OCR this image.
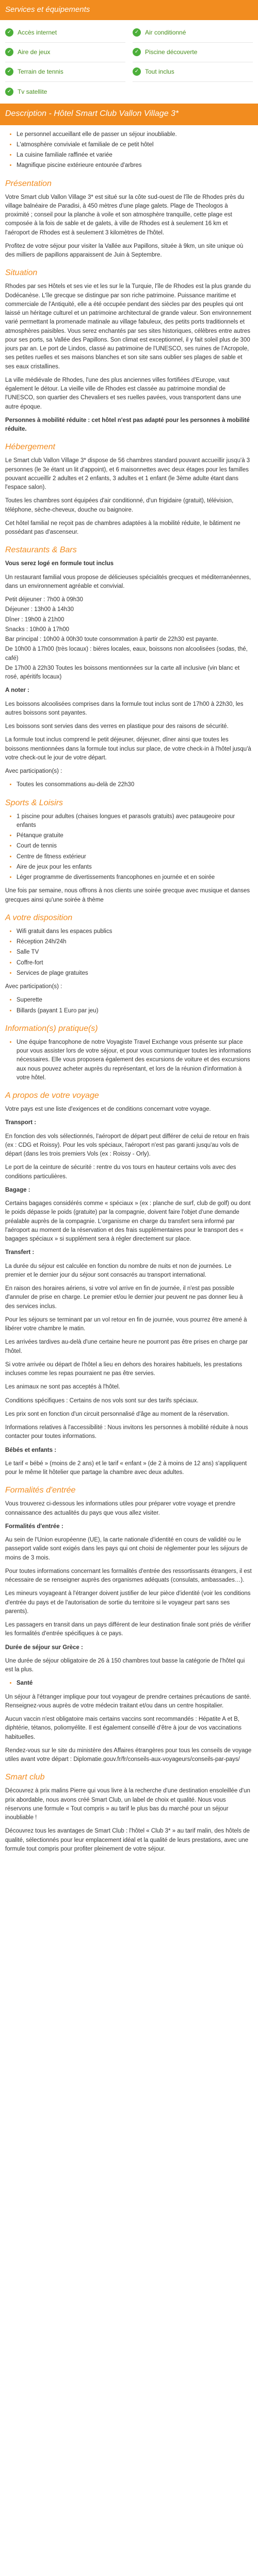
Services et équipements
✓ Accès internet	✓ Air conditionné
✓ Aire de jeux	✓ Piscine découverte
✓ Terrain de tennis	✓ Tout inclus
✓ Tv satellite
Description - Hôtel Smart Club Vallon Village 3*
• Le personnel accueillant elle de passer un séjour inoubliable.
• L'atmosphère conviviale et familiale de ce petit hôtel
• La cuisine familiale raffinée et variée
• Magnifique piscine extérieure entourée d'arbres
Présentation

Votre Smart club Vallon Village 3* est situé sur la côte sud-ouest de l'île de Rhodes près du village balnéaire de Paradisi, à 450 mètres d'une plage galets. Plage de Theologos à proximité ; conseil pour la planche à voile et son atmosphère tranquille, cette plage est composée à la fois de sable et de galets, à ville de Rhodes est à seulement 16 km et l'aéroport de Rhodes est à seulement 3 kilomètres de l'hôtel.

Profitez de votre séjour pour visiter la Vallée aux Papillons, située à 9km, un site unique où des milliers de papillons apparaissent de Juin à Septembre.

Situation

Rhodes par ses Hôtels et ses vie et les sur le la Turquie, l'île de Rhodes est la plus grande du Dodécanèse. L'île grecque se distingue par son riche patrimoine. Puissance maritime et commerciale de l'Antiquité, elle a été occupée pendant des siècles par des peuples qui ont laissé un héritage culturel et un patrimoine architectural de grande valeur. Son environnement varié permettant la promenade matinale au village fabuleux, des petits ports traditionnels et atmosphères paisibles. Vous serez enchantés par ses sites historiques, célèbres entre autres pour ses ports, sa Vallée des Papillons. Son climat est exceptionnel, il y fait soleil plus de 300 jours par an. Le port de Lindos, classé au patrimoine de l'UNESCO, ses ruines de l'Acropole, ses petites ruelles et ses maisons blanches et son site sans oublier ses plages de sable et ses eaux cristallines.

La ville médiévale de Rhodes, l'une des plus anciennes villes fortifiées d'Europe, vaut également le détour. La vieille ville de Rhodes est classée au patrimoine mondial de l'UNESCO, son quartier des Chevaliers et ses ruelles pavées, vous transportent dans une autre époque.

Personnes à mobilité réduite : cet hôtel n'est pas adapté pour les personnes à mobilité réduite.

Hébergement

Le Smart club Vallon Village 3* dispose de 56 chambres standard pouvant accueillir jusqu'à 3 personnes (le 3e étant un lit d'appoint), et 6 maisonnettes avec deux étages pour les familles pouvant accueillir 2 adultes et 2 enfants, 3 adultes et 1 enfant (le 3ème adulte étant dans l'espace salon).

Toutes les chambres sont équipées d'air conditionné, d'un frigidaire (gratuit), télévision, téléphone, sèche-cheveux, douche ou baignoire.

Cet hôtel familial ne reçoit pas de chambres adaptées à la mobilité réduite, le bâtiment ne possédant pas d'ascenseur.

Restaurants & Bars

Vous serez logé en formule tout inclus

Un restaurant familial vous propose de délicieuses spécialités grecques et méditerranéennes, dans un environnement agréable et convivial.

Petit déjeuner : 7h00 à 09h30
Déjeuner : 13h00 à 14h30
Dîner : 19h00 à 21h00
Snacks : 10h00 à 17h00
Bar principal : 10h00 à 00h30 toute consommation à partir de 22h30 est payante.
De 10h00 à 17h00 (très locaux) : bières locales, eaux, boissons non alcoolisées (sodas, thé, café)
De 17h00 à 22h30 Toutes les boissons mentionnées sur la carte all inclusive (vin blanc et rosé, apéritifs locaux)

A noter :

Les boissons alcoolisées comprises dans la formule tout inclus sont de 17h00 à 22h30, les autres boissons sont payantes.

Les boissons sont servies dans des verres en plastique pour des raisons de sécurité.

La formule tout inclus comprend le petit déjeuner, déjeuner, dîner ainsi que toutes les boissons mentionnées dans la formule tout inclus sur place, de votre check-in à l'hôtel jusqu'à votre check-out le jour de votre départ.

Avec participation(s) :

• Toutes les consommations au-delà de 22h30
Sports & Loisirs
• 1 piscine pour adultes (chaises longues et parasols gratuits) avec pataugeoire pour enfants
• Pétanque gratuite
• Court de tennis
• Centre de fitness extérieur
• Aire de jeux pour les enfants
• Léger programme de divertissements francophones en journée et en soirée

Une fois par semaine, nous offrons à nos clients une soirée grecque avec musique et danses grecques ainsi qu'une soirée à thème

A votre disposition
• Wifi gratuit dans les espaces publics
• Réception 24h/24h
• Salle TV
• Coffre-fort
• Services de plage gratuites

Avec participation(s) :

• Superette
• Billards (payant 1 Euro par jeu)
Information(s) pratique(s)
• Une équipe francophone de notre Voyagiste Travel Exchange vous présente sur place pour vous assister lors de votre séjour, et pour vous communiquer toutes les informations nécessaires. Elle vous proposera également des excursions de voiture et des excursions aux nous pouvez acheter auprès du représentant, et lors de la réunion d'information à votre hôtel.
A propos de votre voyage

Votre pays est une liste d'exigences et de conditions concernant votre voyage.

Transport :

En fonction des vols sélectionnés, l'aéroport de départ peut différer de celui de retour en frais (ex : CDG et Roissy). Pour les vols spéciaux, l'aéroport n'est pas garanti jusqu'au vols de départ (dans les trois premiers Vols (ex : Roissy - Orly).

Le port de la ceinture de sécurité : rentre du vos tours en hauteur certains vols avec des conditions particulières.

Bagage :

Certains bagages considérés comme « spéciaux » (ex : planche de surf, club de golf) ou dont le poids dépasse le poids (gratuite) par la compagnie, doivent faire l'objet d'une demande préalable auprès de la compagnie. L'organisme en charge du transfert sera informé par l'aéroport au moment de la réservation et des frais supplémentaires pour le transport des « bagages spéciaux » si supplément sera à régler directement sur place.

Transfert :

La durée du séjour est calculée en fonction du nombre de nuits et non de journées. Le premier et le dernier jour du séjour sont consacrés au transport international.

En raison des horaires aériens, si votre vol arrive en fin de journée, il n'est pas possible d'annuler de prise en charge. Le premier et/ou le dernier jour peuvent ne pas donner lieu à des services inclus.

Pour les séjours se terminant par un vol retour en fin de journée, vous pourrez être amené à libérer votre chambre le matin.

Les arrivées tardives au-delà d'une certaine heure ne pourront pas être prises en charge par l'hôtel.

Si votre arrivée ou départ de l'hôtel a lieu en dehors des horaires habituels, les prestations incluses comme les repas pourraient ne pas être servies.

Les animaux ne sont pas acceptés à l'hôtel.

Conditions spécifiques : Certains de nos vols sont sur des tarifs spéciaux.

Les prix sont en fonction d'un circuit personnalisé d'âge au moment de la réservation.

Informations relatives à l'accessibilité : Nous invitons les personnes à mobilité réduite à nous contacter pour toutes informations.

Bébés et enfants :

Le tarif « bébé » (moins de 2 ans) et le tarif « enfant » (de 2 à moins de 12 ans) s'appliquent pour le même lit hôtelier que partage la chambre avec deux adultes.

Formalités d'entrée

Vous trouverez ci-dessous les informations utiles pour préparer votre voyage et prendre connaissance des actualités du pays que vous allez visiter.

Formalités d'entrée :

Au sein de l'Union européenne (UE), la carte nationale d'identité en cours de validité ou le passeport valide sont exigés dans les pays qui ont choisi de réglementer pour les séjours de moins de 3 mois.

Pour toutes informations concernant les formalités d'entrée des ressortissants étrangers, il est nécessaire de se renseigner auprès des organismes adéquats (consulats, ambassades…).

Les mineurs voyageant à l'étranger doivent justifier de leur pièce d'identité (voir les conditions d'entrée du pays et de l'autorisation de sortie du territoire si le voyageur part sans ses parents).

Les passagers en transit dans un pays différent de leur destination finale sont priés de vérifier les formalités d'entrée spécifiques à ce pays.

Durée de séjour sur Grèce :

Une durée de séjour obligatoire de 26 à 150 chambres tout basse la catégorie de l'hôtel qui est la plus.

• Santé

Un séjour à l'étranger implique pour tout voyageur de prendre certaines précautions de santé. Renseignez-vous auprès de votre médecin traitant et/ou dans un centre hospitalier.

Aucun vaccin n'est obligatoire mais certains vaccins sont recommandés : Hépatite A et B, diphtérie, tétanos, poliomyélite. Il est également conseillé d'être à jour de vos vaccinations habituelles.

Rendez-vous sur le site du ministère des Affaires étrangères pour tous les conseils de voyage utiles avant votre départ : Diplomatie.gouv.fr/fr/conseils-aux-voyageurs/conseils-par-pays/

Smart club

Découvrez à prix malins Pierre qui vous livre à la recherche d'une destination ensoleillée d'un prix abordable, nous avons créé Smart Club, un label de choix et qualité. Nous vous réservons une formule « Tout compris » au tarif le plus bas du marché pour un séjour inoubliable !

Découvrez tous les avantages de Smart Club : l'hôtel « Club 3* » au tarif malin, des hôtels de qualité, sélectionnés pour leur emplacement idéal et la qualité de leurs prestations, avec une formule tout compris pour profiter pleinement de votre séjour.
